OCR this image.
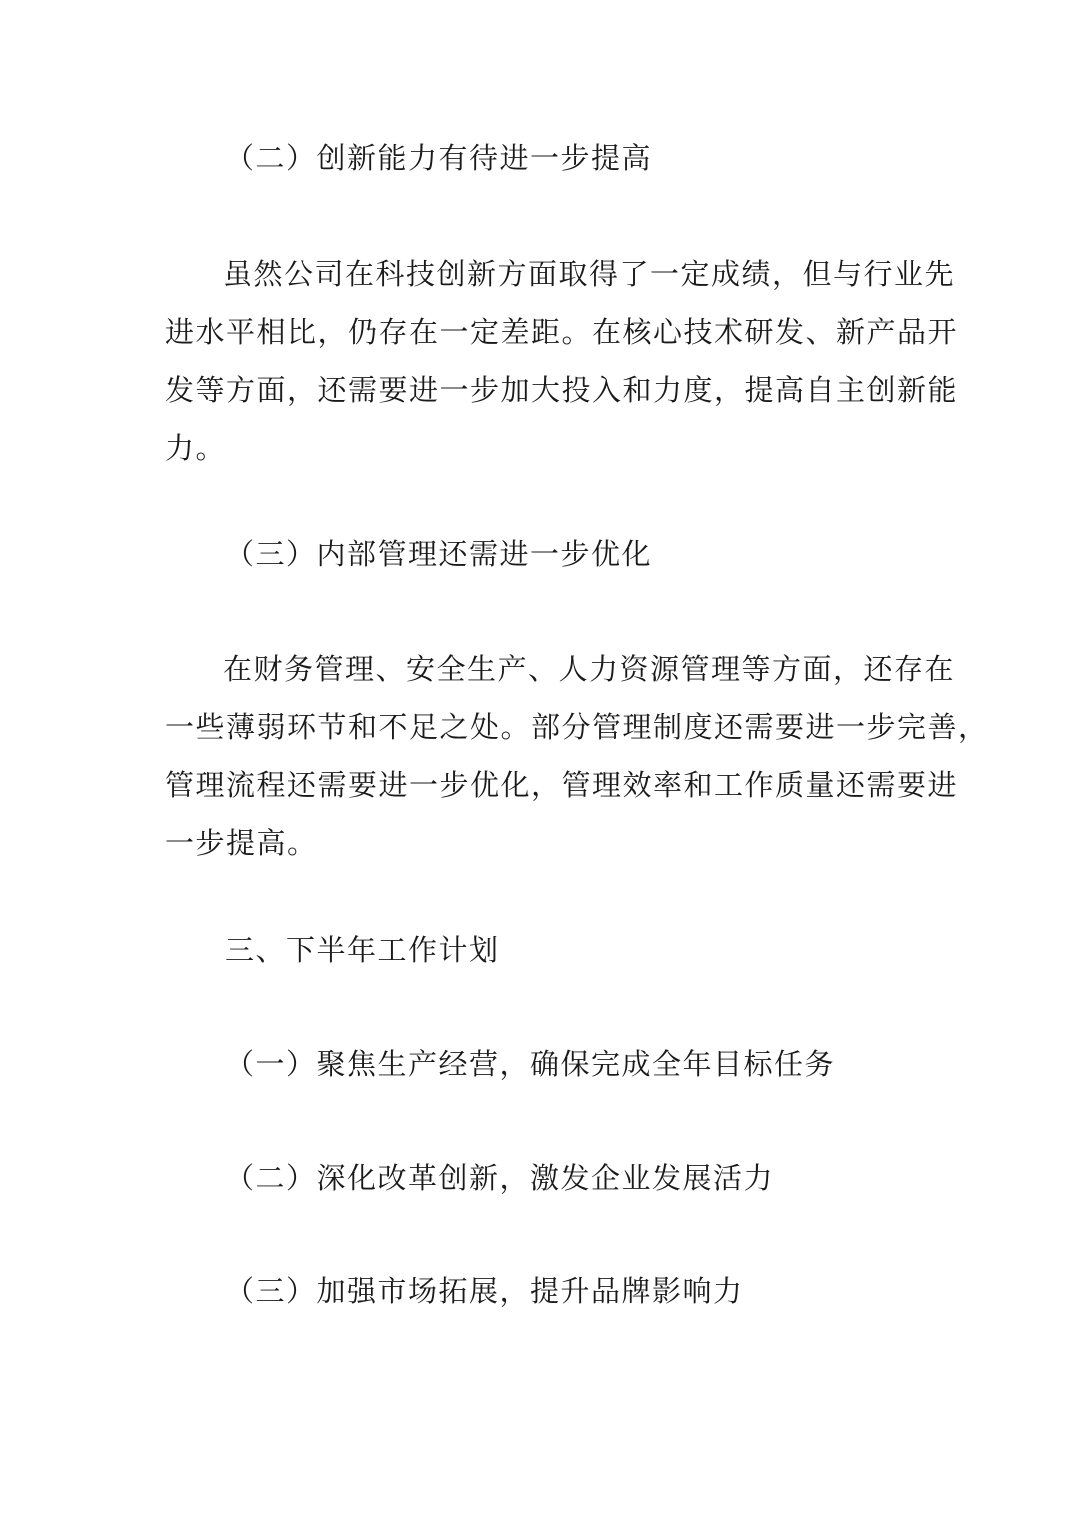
（二）创新能力有待进一步提高
虽然公司在科技创新方面取得了一定成绩，但与行业先
进水平相比，仍存在一定差距。在核心技术研发、新产品开
发等方面，还需要进一步加大投入和力度，提高自主创新能
力。
（三）内部管理还需进一步优化
在财务管理、安全生产、人力资源管理等方面，还存在
一些薄弱环节和不足之处。部分管理制度还需要进一步完善，
管理流程还需要进一步优化，管理效率和工作质量还需要进
一步提高。
三、下半年工作计划
（一）聚焦生产经营，确保完成全年目标任务
（二）深化改革创新，激发企业发展活力
（三）加强市场拓展，提升品牌影响力
